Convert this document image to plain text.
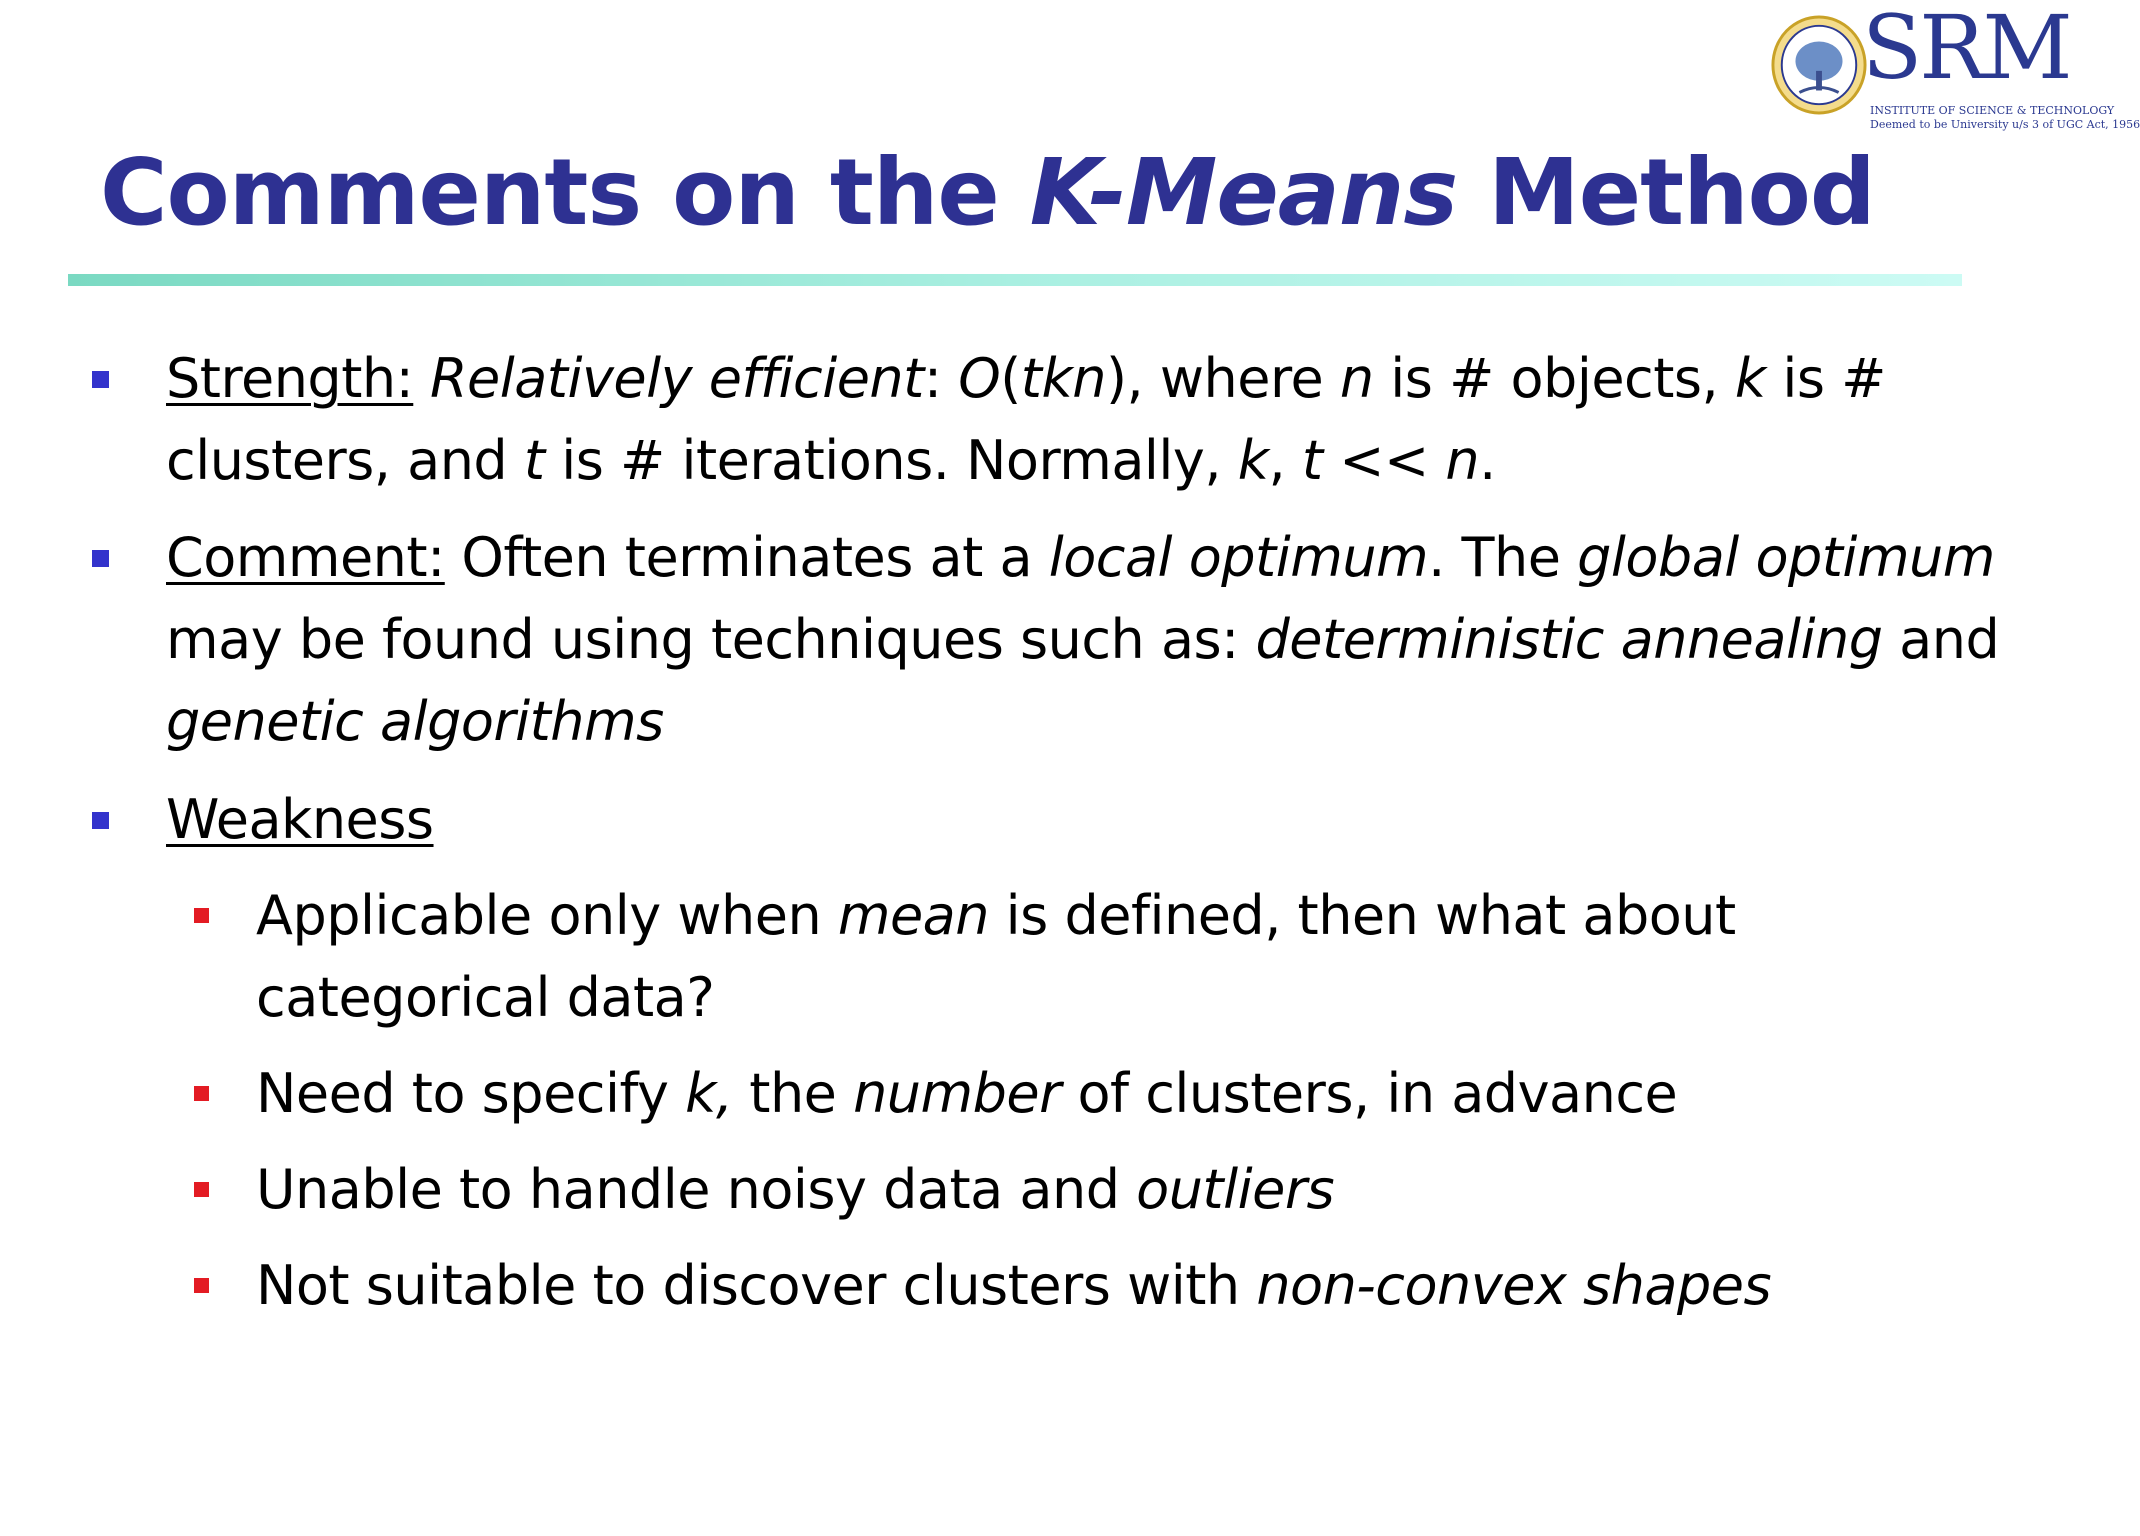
SRM
INSTITUTE OF SCIENCE & TECHNOLOGY
Deemed to be University u/s 3 of UGC Act, 1956
Comments on the K-Means Method
Strength: Relatively efficient: O(tkn), where n is # objects, k is # clusters, and t is # iterations. Normally, k, t << n.
Comment: Often terminates at a local optimum. The global optimum may be found using techniques such as: deterministic annealing and genetic algorithms
Weakness
Applicable only when mean is defined, then what about categorical data?
Need to specify k, the number of clusters, in advance
Unable to handle noisy data and outliers
Not suitable to discover clusters with non-convex shapes
